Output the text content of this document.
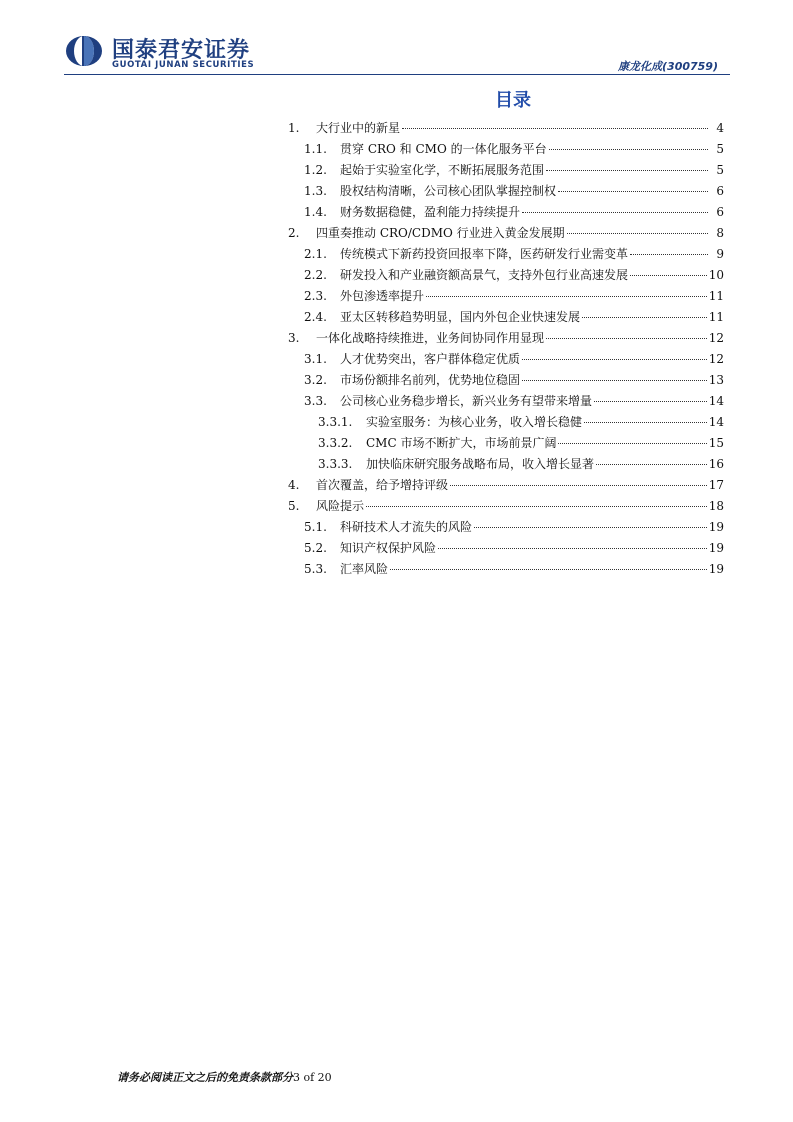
国泰君安证券
GUOTAI JUNAN SECURITIES	康龙化成(300759)
目录
1. 大行业中的新星	4
1.1. 贯穿 CRO 和 CMO 的一体化服务平台	5
1.2. 起始于实验室化学，不断拓展服务范围	5
1.3. 股权结构清晰，公司核心团队掌握控制权	6
1.4. 财务数据稳健，盈利能力持续提升	6
2. 四重奏推动 CRO/CDMO 行业进入黄金发展期	8
2.1. 传统模式下新药投资回报率下降，医药研发行业需变革	9
2.2. 研发投入和产业融资额高景气，支持外包行业高速发展	10
2.3. 外包渗透率提升	11
2.4. 亚太区转移趋势明显，国内外包企业快速发展	11
3. 一体化战略持续推进，业务间协同作用显现	12
3.1. 人才优势突出，客户群体稳定优质	12
3.2. 市场份额排名前列，优势地位稳固	13
3.3. 公司核心业务稳步增长，新兴业务有望带来增量	14
3.3.1. 实验室服务：为核心业务，收入增长稳健	14
3.3.2. CMC 市场不断扩大，市场前景广阔	15
3.3.3. 加快临床研究服务战略布局，收入增长显著	16
4. 首次覆盖，给予增持评级	17
5. 风险提示	18
5.1. 科研技术人才流失的风险	19
5.2. 知识产权保护风险	19
5.3. 汇率风险	19
请务必阅读正文之后的免责条款部分3 of 20
